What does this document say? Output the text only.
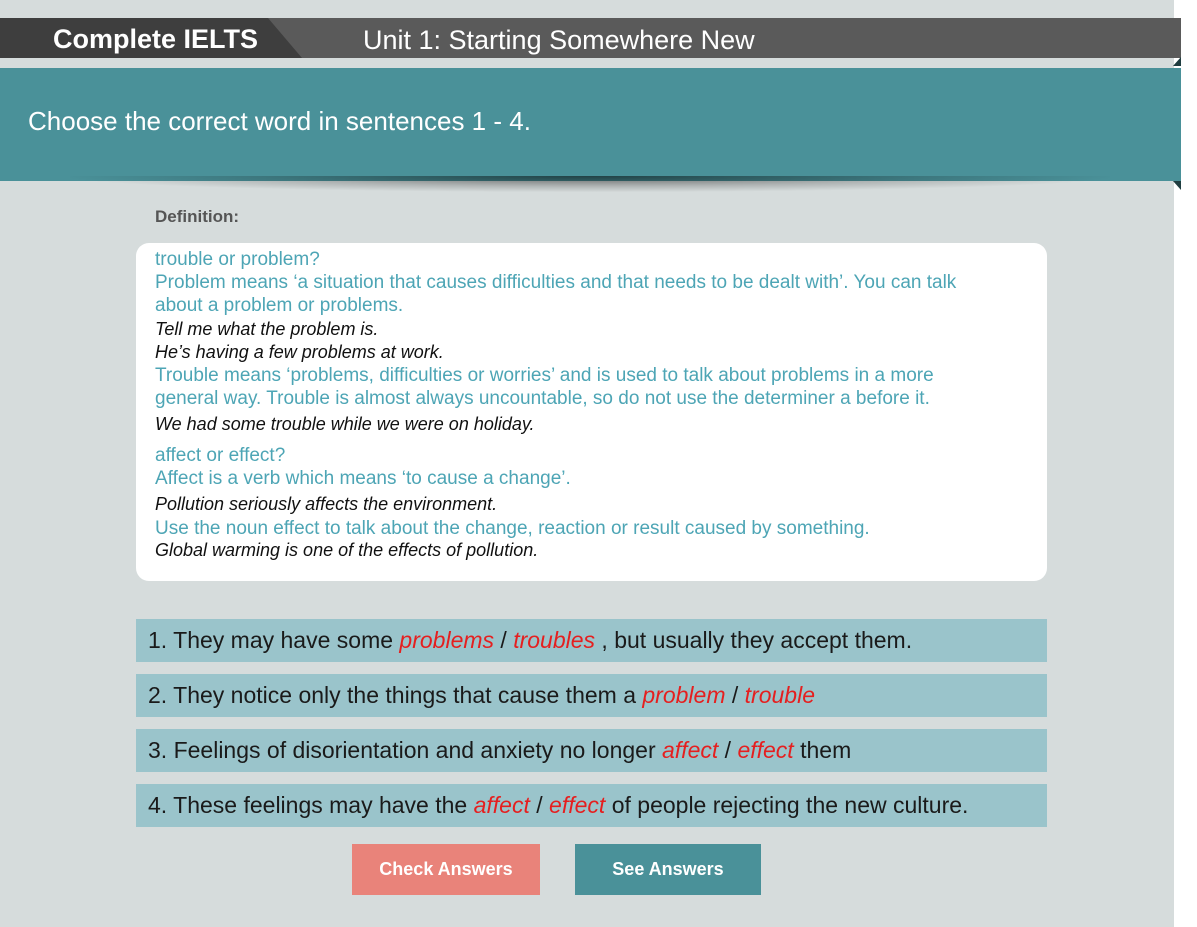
Complete IELTS	Unit 1: Starting Somewhere New
Choose the correct word in sentences 1 - 4.
Definition:
trouble or problem?
Problem means ‘a situation that causes difficulties and that needs to be dealt with’. You can talk
about a problem or problems.
Tell me what the problem is.
He’s having a few problems at work.
Trouble means ‘problems, difficulties or worries’ and is used to talk about problems in a more
general way. Trouble is almost always uncountable, so do not use the determiner a before it.
We had some trouble while we were on holiday.
affect or effect?
Affect is a verb which means ‘to cause a change’.
Pollution seriously affects the environment.
Use the noun effect to talk about the change, reaction or result caused by something.
Global warming is one of the effects of pollution.
1. They may have some problems / troubles , but usually they accept them.
2. They notice only the things that cause them a problem / trouble
3. Feelings of disorientation and anxiety no longer affect / effect them
4. These feelings may have the affect / effect of people rejecting the new culture.
Check Answers	See Answers
